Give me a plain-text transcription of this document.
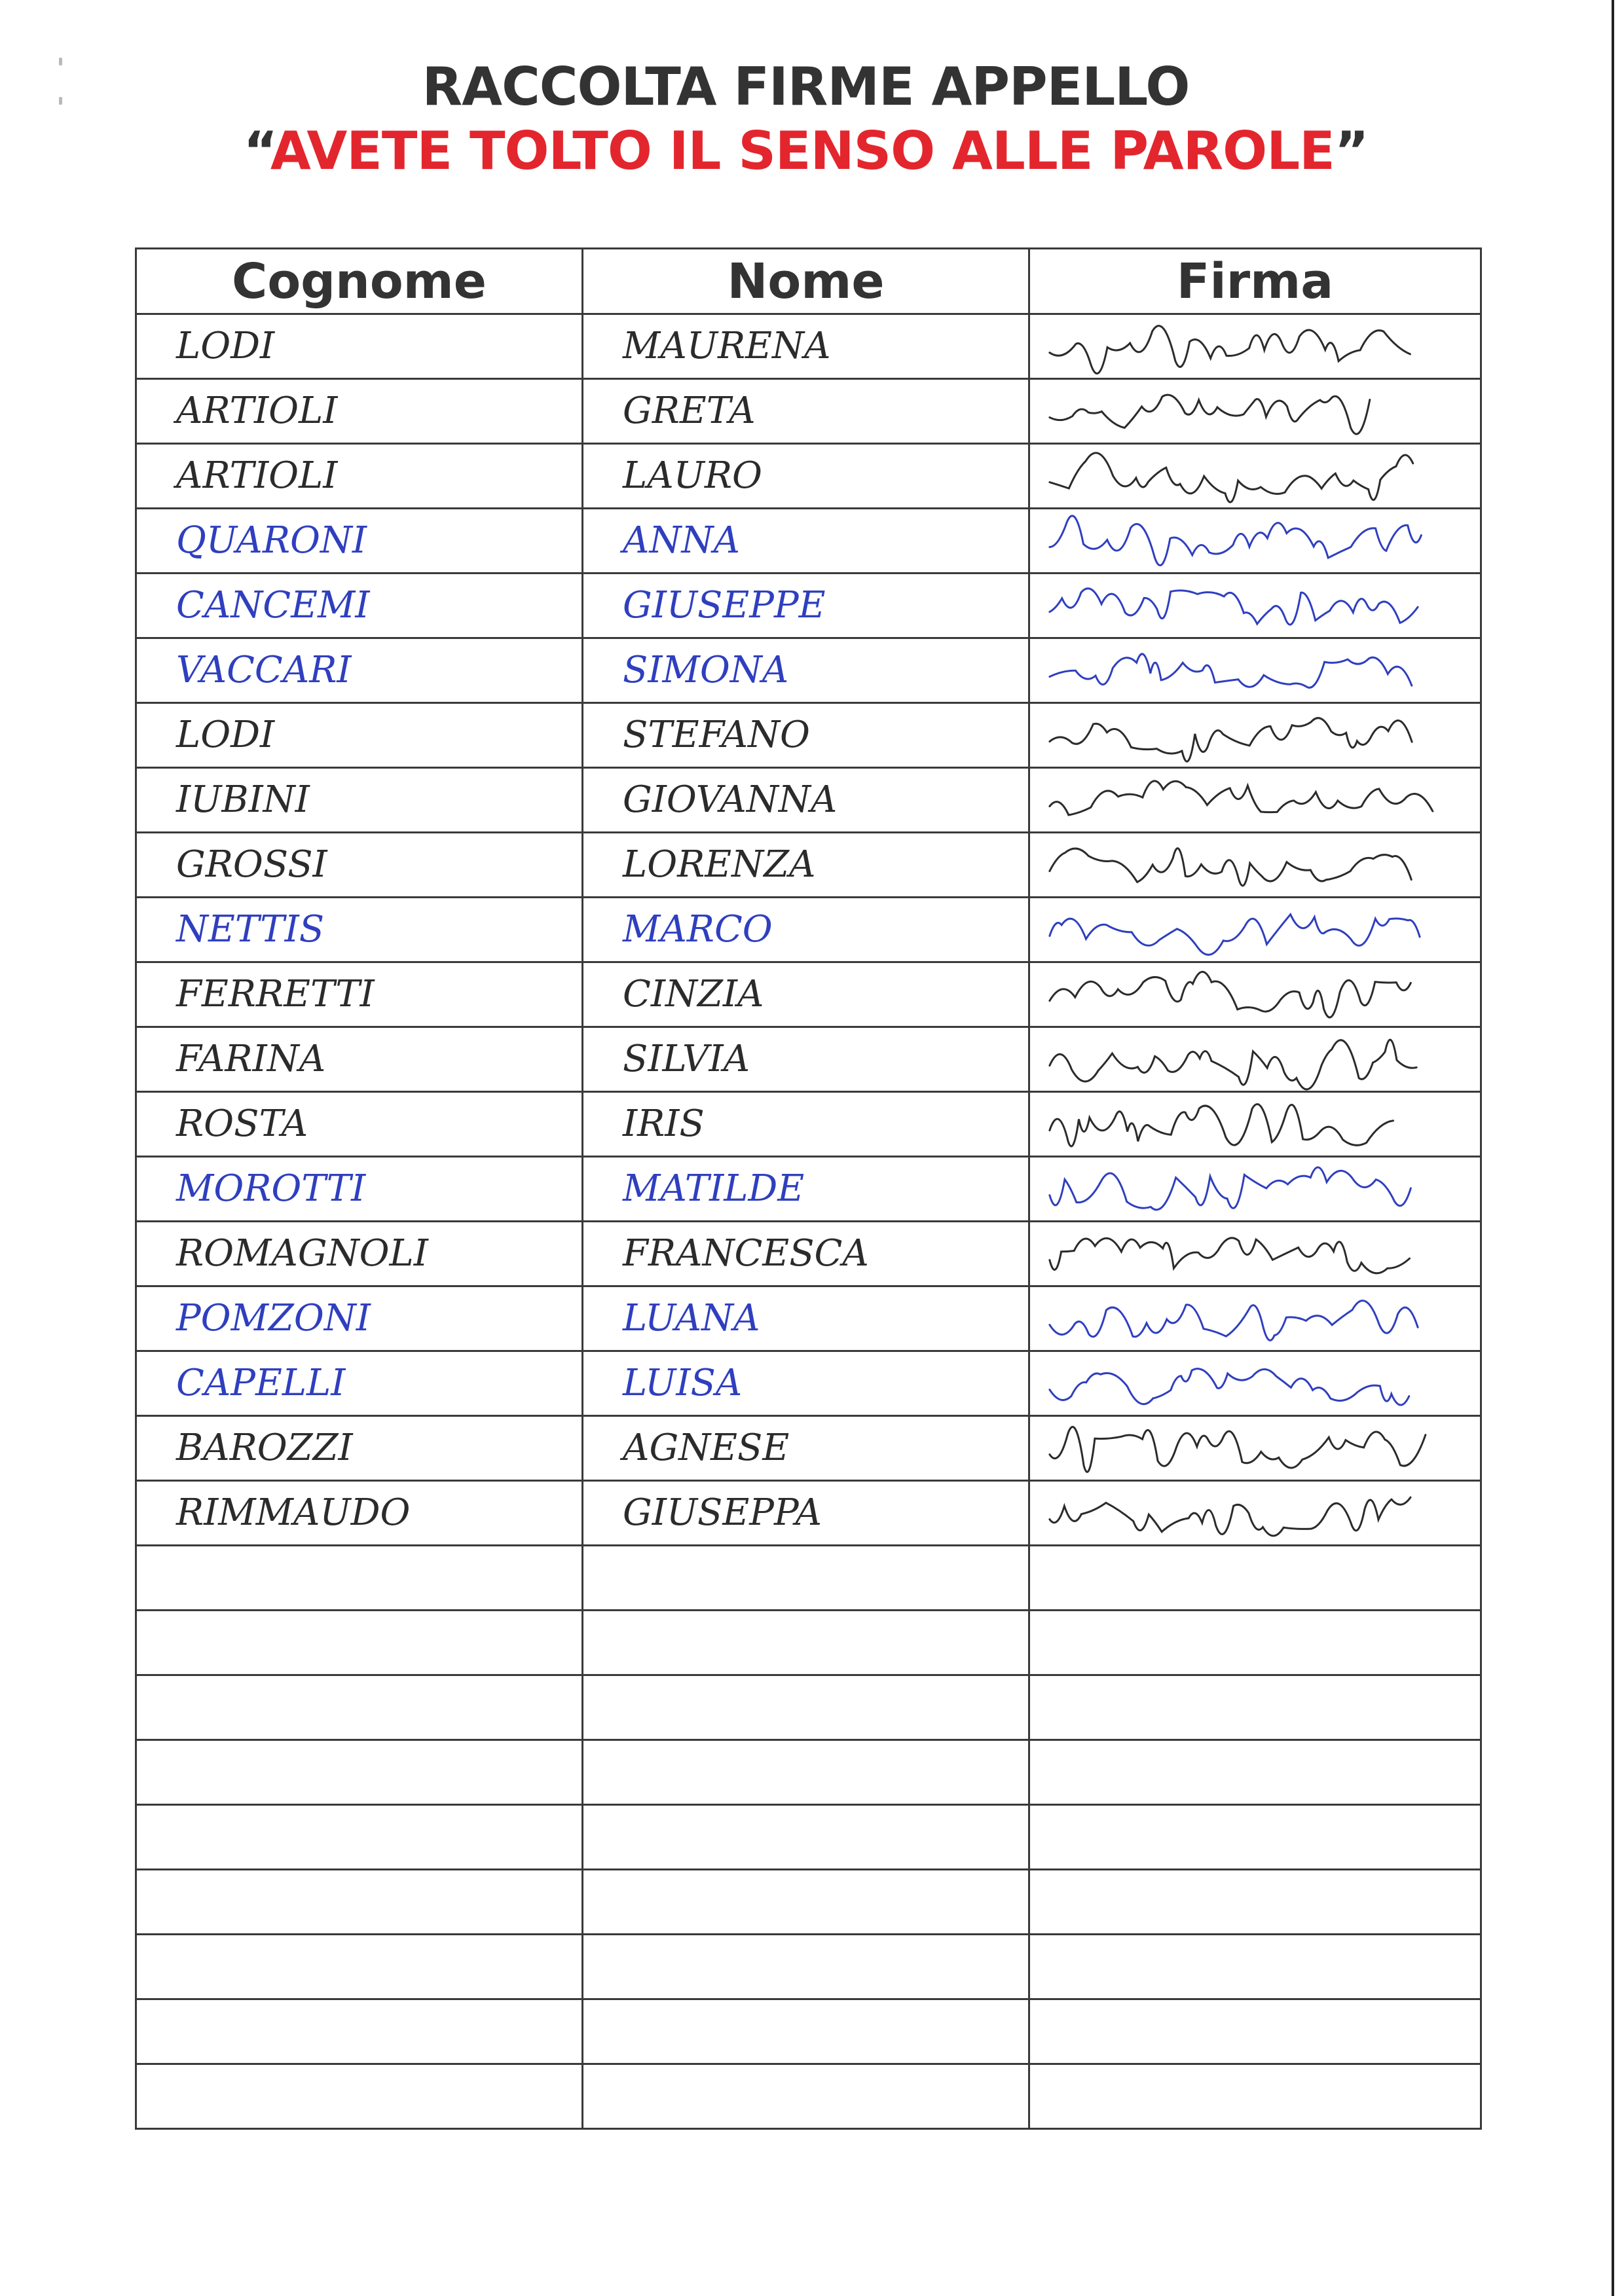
RACCOLTA FIRME APPELLO
“AVETE TOLTO IL SENSO ALLE PAROLE”
Cognome	Nome	Firma

LODI	MAURENA

ARTIOLI	GRETA

ARTIOLI	LAURO

QUARONI	ANNA

CANCEMI	GIUSEPPE

VACCARI	SIMONA

LODI	STEFANO

IUBINI	GIOVANNA

GROSSI	LORENZA

NETTIS	MARCO

FERRETTI	CINZIA

FARINA	SILVIA

ROSTA	IRIS

MOROTTI	MATILDE

ROMAGNOLI	FRANCESCA

POMZONI	LUANA

CAPELLI	LUISA

BAROZZI	AGNESE

RIMMAUDO	GIUSEPPA
